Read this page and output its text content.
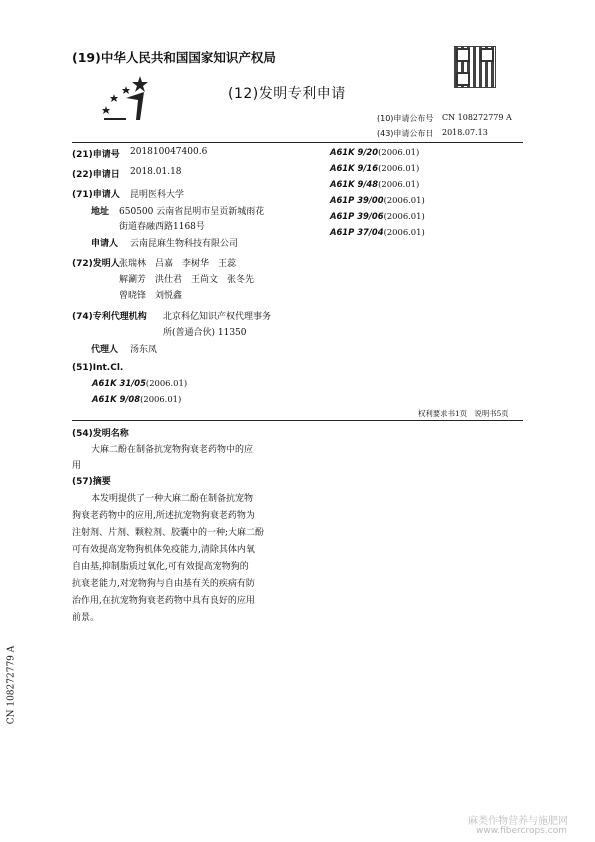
(19)中华人民共和国国家知识产权局
(12)发明专利申请
(10)申请公布号 CN 108272779 A
(43)申请公布日 2018.07.13
(21)申请号 201810047400.6
(22)申请日 2018.01.18
(71)申请人 昆明医科大学
地址 650500 云南省昆明市呈贡新城雨花
街道春融西路1168号
申请人 云南昆麻生物科技有限公司
(72)发明人 张瑞林　吕嘉　李树华　王蕊
解涮芳　洪仕君　王尚文　张冬先
曾晓锋　刘悦鑫
(74)专利代理机构 北京科亿知识产权代理事务
所(普通合伙) 11350
代理人 汤东凤
(51)Int.Cl.
A61K 31/05(2006.01)
A61K 9/08(2006.01)
A61K 9/20(2006.01)
A61K 9/16(2006.01)
A61K 9/48(2006.01)
A61P 39/00(2006.01)
A61P 39/06(2006.01)
A61P 37/04(2006.01)
权利要求书1页　说明书5页
(54)发明名称
大麻二酚在制备抗宠物狗衰老药物中的应
用
(57)摘要
本发明提供了一种大麻二酚在制备抗宠物
狗衰老药物中的应用,所述抗宠物狗衰老药物为
注射剂、片剂、颗粒剂、胶囊中的一种;大麻二酚
可有效提高宠物狗机体免疫能力,清除其体内氧
自由基,抑制脂质过氧化,可有效提高宠物狗的
抗衰老能力,对宠物狗与自由基有关的疾病有防
治作用,在抗宠物狗衰老药物中具有良好的应用
前景。
CN 108272779 A
麻类作物营养与施肥网
www.fibercrops.com
